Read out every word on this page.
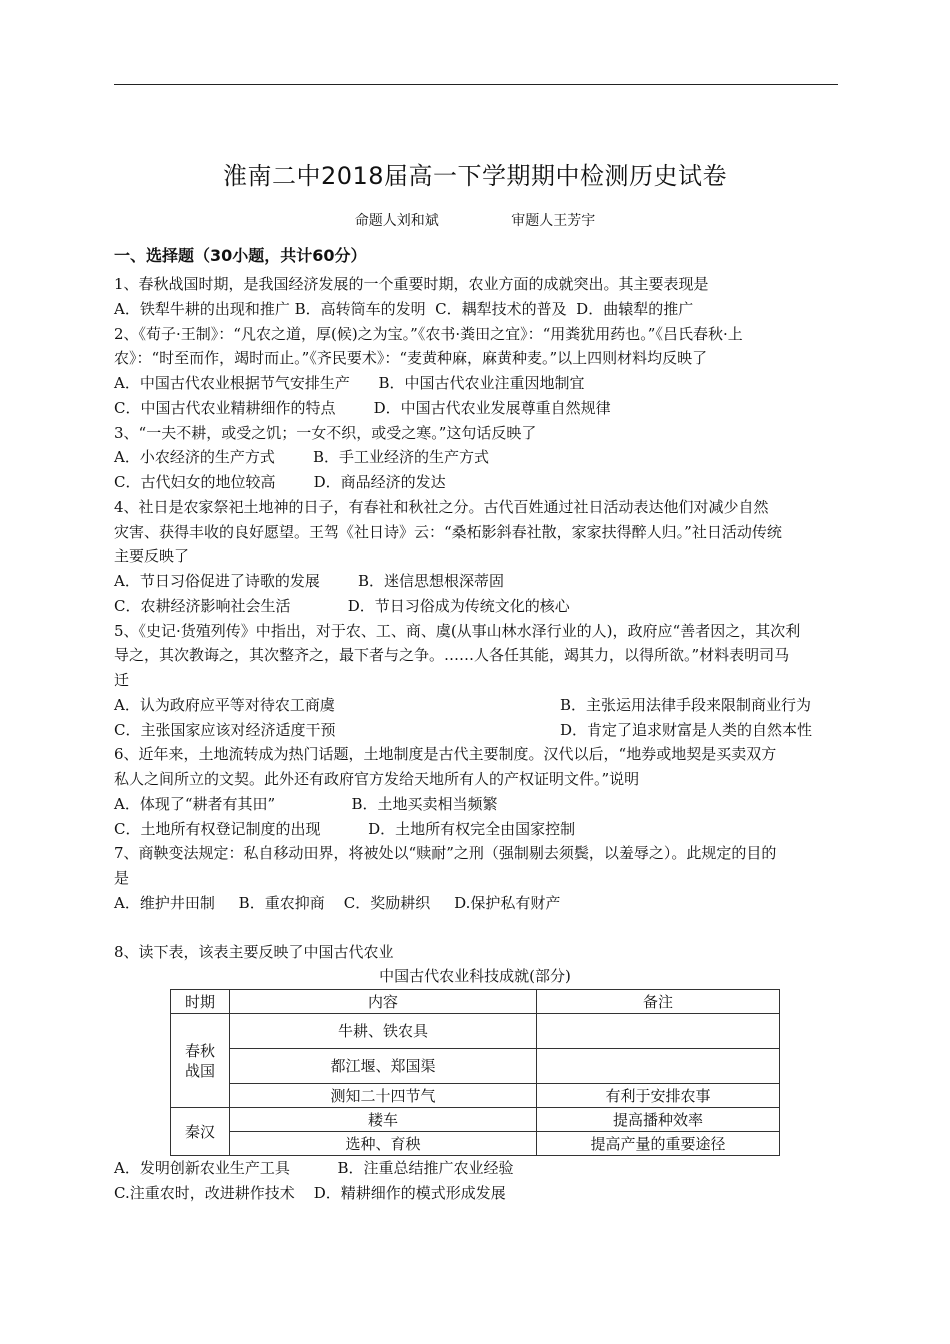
淮南二中2018届高一下学期期中检测历史试卷
命题人刘和斌	审题人王芳宇
一、选择题（30小题，共计60分）

1、春秋战国时期，是我国经济发展的一个重要时期，农业方面的成就突出。其主要表现是

A．铁犁牛耕的出现和推广 B．高转筒车的发明  C．耦犁技术的普及  D．曲辕犁的推广

2、《荀子·王制》：“凡农之道，厚(候)之为宝。”《农书·粪田之宜》：“用粪犹用药也。”《吕氏春秋·上

农》：“时至而作，竭时而止。”《齐民要术》：“麦黄种麻，麻黄种麦。”以上四则材料均反映了

A．中国古代农业根据节气安排生产      B．中国古代农业注重因地制宜

C．中国古代农业精耕细作的特点        D．中国古代农业发展尊重自然规律

3、“一夫不耕，或受之饥；一女不织，或受之寒。”这句话反映了

A．小农经济的生产方式        B．手工业经济的生产方式

C．古代妇女的地位较高        D．商品经济的发达

4、社日是农家祭祀土地神的日子，有春社和秋社之分。古代百姓通过社日活动表达他们对减少自然

灾害、获得丰收的良好愿望。王驾《社日诗》云：“桑柘影斜春社散，家家扶得醉人归。”社日活动传统

主要反映了

A．节日习俗促进了诗歌的发展        B．迷信思想根深蒂固

C．农耕经济影响社会生活            D．节日习俗成为传统文化的核心

5、《史记·货殖列传》中指出，对于农、工、商、虞(从事山林水泽行业的人)，政府应“善者因之，其次利

导之，其次教诲之，其次整齐之，最下者与之争。……人各任其能，竭其力，以得所欲。”材料表明司马

迁

A．认为政府应平等对待农工商虞	B．主张运用法律手段来限制商业行为
C．主张国家应该对经济适度干预	D．肯定了追求财富是人类的自然本性

6、近年来，土地流转成为热门话题，土地制度是古代主要制度。汉代以后，“地券或地契是买卖双方

私人之间所立的文契。此外还有政府官方发给天地所有人的产权证明文件。”说明

A．体现了“耕者有其田”                B．土地买卖相当频繁

C．土地所有权登记制度的出现          D．土地所有权完全由国家控制

7、商鞅变法规定：私自移动田界，将被处以“赎耐”之刑（强制剔去须鬓，以羞辱之）。此规定的目的

是

A．维护井田制     B．重农抑商    C．奖励耕织     D.保护私有财产

8、读下表，该表主要反映了中国古代农业

中国古代农业科技成就(部分)
时期	内容	备注
春秋
战国	牛耕、铁农具	
	都江堰、郑国渠	
	测知二十四节气	有利于安排农事
秦汉	耧车	提高播种效率
	选种、育秧	提高产量的重要途径

A．发明创新农业生产工具          B．注重总结推广农业经验

C.注重农时，改进耕作技术    D．精耕细作的模式形成发展
